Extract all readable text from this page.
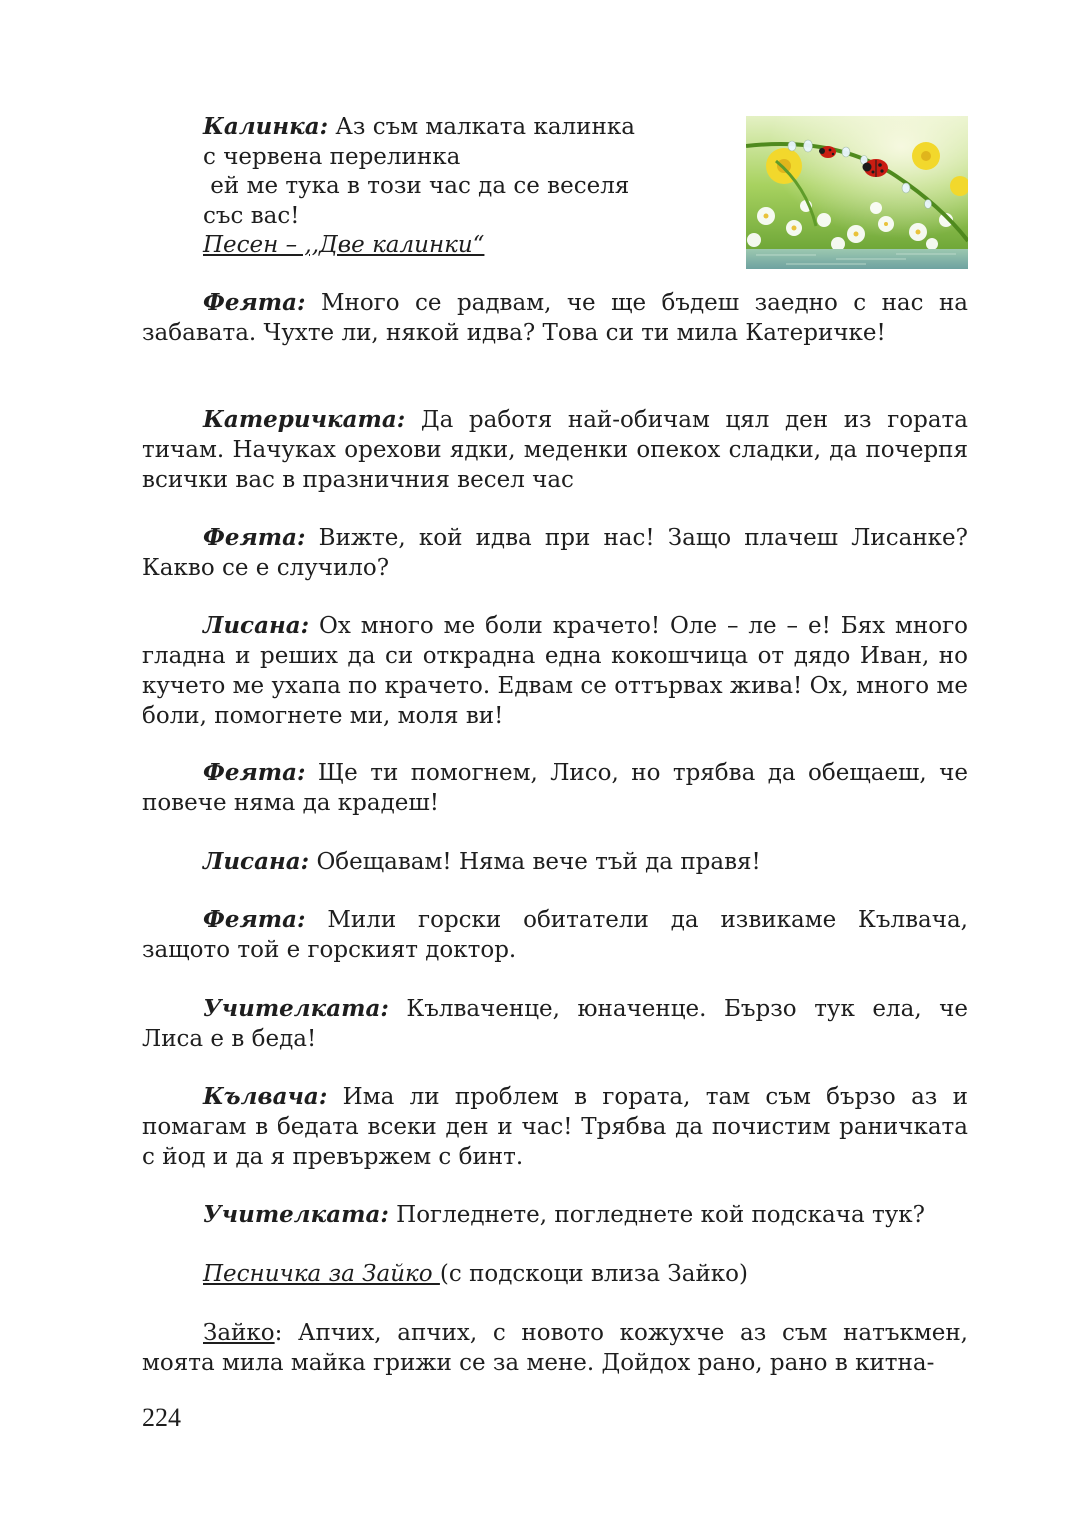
Калинка: Аз съм малката калинка
с червена перелинка
ей ме тука в този час да се веселя
със вас!
Песен – ,,Две калинки“

Феята: Много се радвам, че ще бъдеш заедно с нас на забавата. Чухте ли, някой идва? Това си ти мила Катеричке!

Катеричката: Да работя най-обичам цял ден из гората тичам. Начуках орехови ядки, меденки опекох сладки, да почерпя всички вас в празничния весел час

Феята: Вижте, кой идва при нас! Защо плачеш Лисанке? Какво се е случило?

Лисана: Ох много ме боли крачето! Оле – ле – е! Бях много гладна и реших да си открадна една кокошчица от дядо Иван, но кучето ме ухапа по крачето. Едвам се оттървах жива! Ох, много ме боли, помогнете ми, моля ви!

Феята: Ще ти помогнем, Лисо, но трябва да обещаеш, че повече няма да крадеш!

Лисана: Обещавам! Няма вече тъй да правя!

Феята: Мили горски обитатели да извикаме Кълвача, защото той е горският доктор.

Учителката: Кълваченце, юначенце. Бързо тук ела, че Лиса е в беда!

Кълвача: Има ли проблем в гората, там съм бързо аз и помагам в бедата всеки ден и час! Трябва да почистим раничката с йод и да я превържем с бинт.

Учителката: Погледнете, погледнете кой подскача тук?

Песничка за Зайко (с подскоци влиза Зайко)

Зайко: Апчих, апчих, с новото кожухче аз съм натъкмен, моята мила майка грижи се за мене. Дойдох рано, рано в китна-

224
